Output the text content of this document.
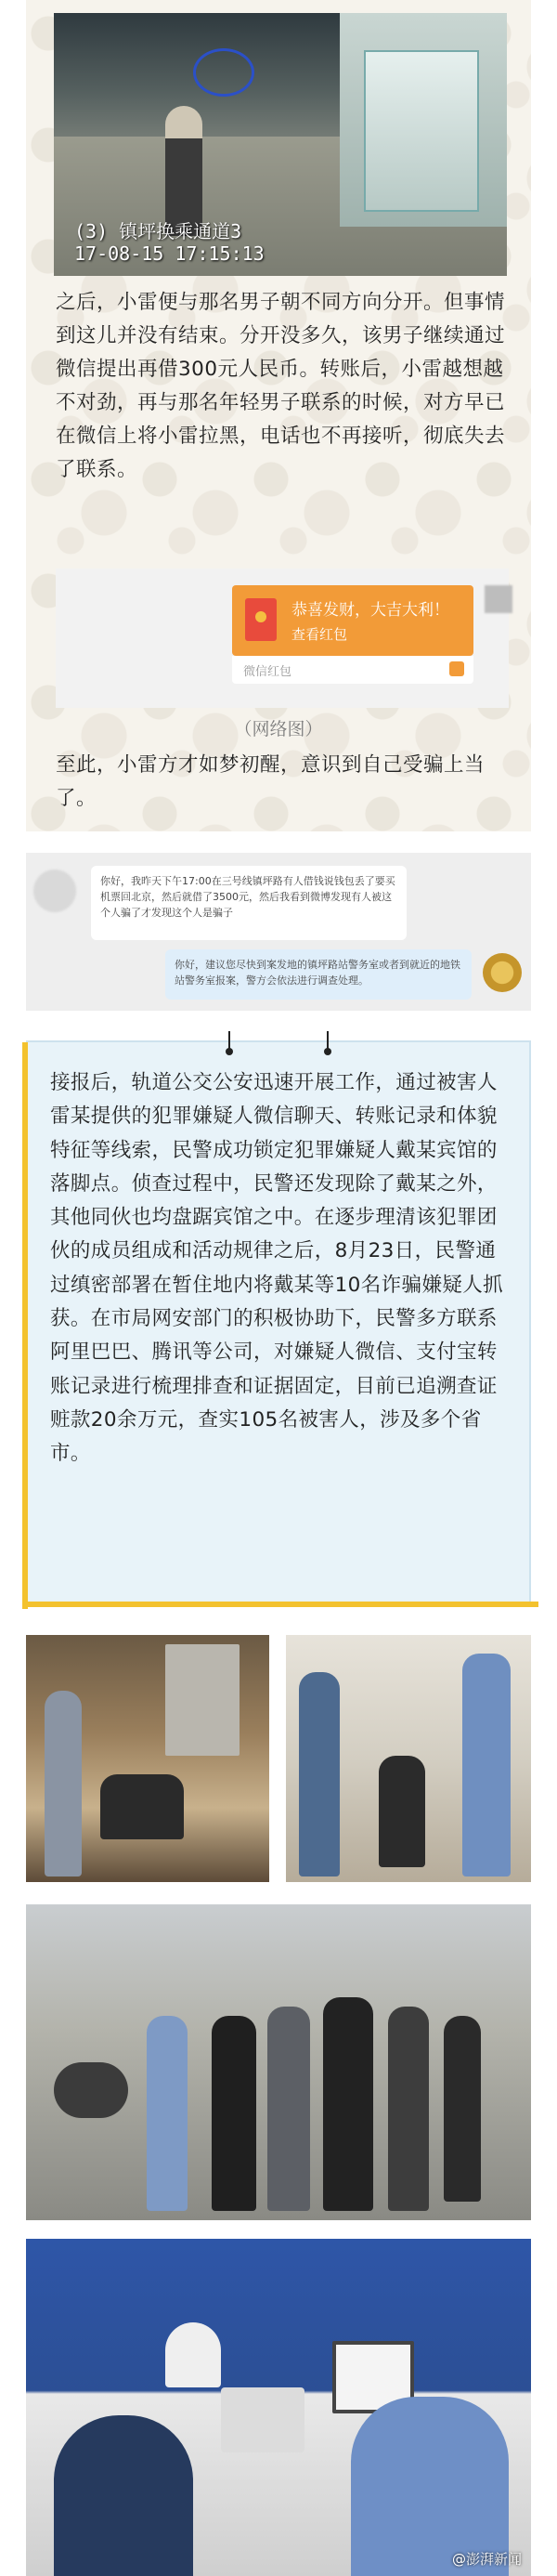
(3) 镇坪换乘通道3
17-08-15 17:15:13
之后，小雷便与那名男子朝不同方向分开。但事情到这儿并没有结束。分开没多久，该男子继续通过微信提出再借300元人民币。转账后，小雷越想越不对劲，再与那名年轻男子联系的时候，对方早已在微信上将小雷拉黑，电话也不再接听，彻底失去了联系。
恭喜发财，大吉大利！
查看红包
微信红包
（网络图）
至此，小雷方才如梦初醒，意识到自己受骗上当了。
你好，我昨天下午17:00在三号线镇坪路有人借钱说钱包丢了要买机票回北京，然后就借了3500元，然后我看到微博发现有人被这个人骗了才发现这个人是骗子
你好，建议您尽快到案发地的镇坪路站警务室或者到就近的地铁站警务室报案，警方会依法进行调查处理。
接报后，轨道公交公安迅速开展工作，通过被害人雷某提供的犯罪嫌疑人微信聊天、转账记录和体貌特征等线索，民警成功锁定犯罪嫌疑人戴某宾馆的落脚点。侦查过程中，民警还发现除了戴某之外，其他同伙也均盘踞宾馆之中。在逐步理清该犯罪团伙的成员组成和活动规律之后，8月23日，民警通过缜密部署在暂住地内将戴某等10名诈骗嫌疑人抓获。在市局网安部门的积极协助下，民警多方联系阿里巴巴、腾讯等公司，对嫌疑人微信、支付宝转账记录进行梳理排查和证据固定，目前已追溯查证赃款20余万元，查实105名被害人，涉及多个省市。
@澎湃新闻
